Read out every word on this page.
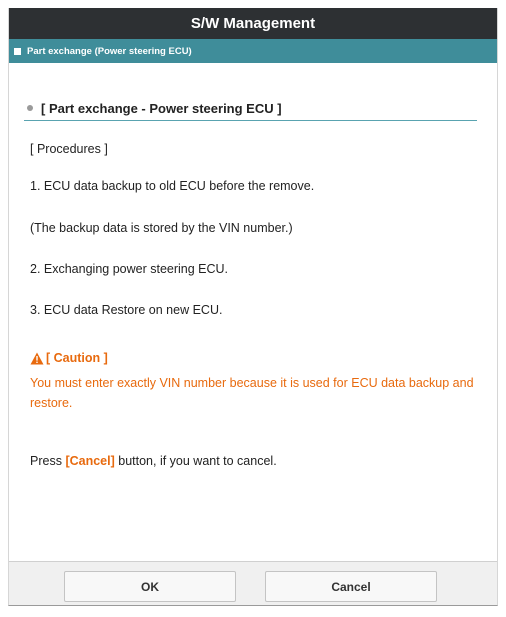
S/W Management
Part exchange (Power steering ECU)
[ Part exchange - Power steering ECU ]
[ Procedures ]
1. ECU data backup to old ECU before the remove.
(The backup data is stored by the VIN number.)
2. Exchanging power steering ECU.
3. ECU data Restore on new ECU.
[ Caution ]
You must enter exactly VIN number because it is used for ECU data backup and restore.
Press [Cancel] button, if you want to cancel.
OK	Cancel
